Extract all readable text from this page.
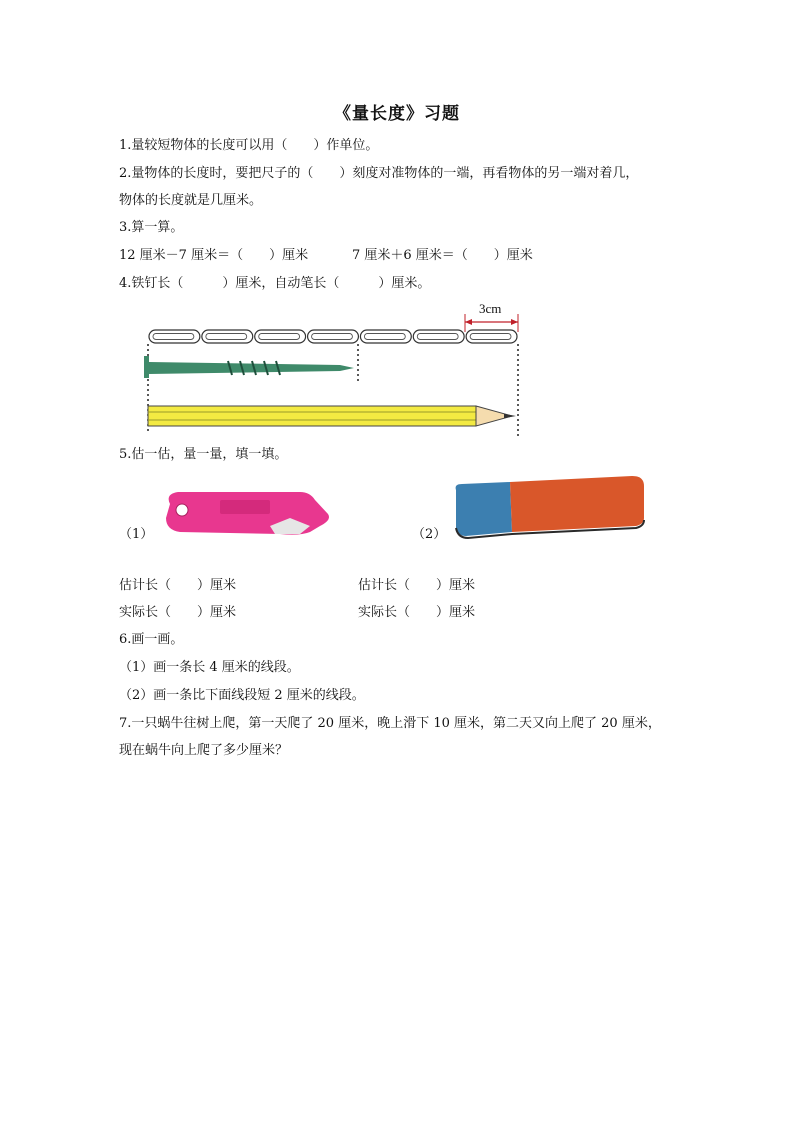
《量长度》习题
1.量较短物体的长度可以用（　　）作单位。
2.量物体的长度时，要把尺子的（　　）刻度对准物体的一端，再看物体的另一端对着几，
物体的长度就是几厘米。
3.算一算。
12 厘米－7 厘米＝（　　）厘米	7 厘米＋6 厘米＝（　　）厘米
4.铁钉长（　　　）厘米，自动笔长（　　　）厘米。
3cm
5.估一估，量一量，填一填。
（1）	（2）
估计长（　　）厘米
实际长（　　）厘米
估计长（　　）厘米
实际长（　　）厘米
6.画一画。
（1）画一条长 4 厘米的线段。
（2）画一条比下面线段短 2 厘米的线段。
7.一只蜗牛往树上爬，第一天爬了 20 厘米，晚上滑下 10 厘米，第二天又向上爬了 20 厘米，
现在蜗牛向上爬了多少厘米？
